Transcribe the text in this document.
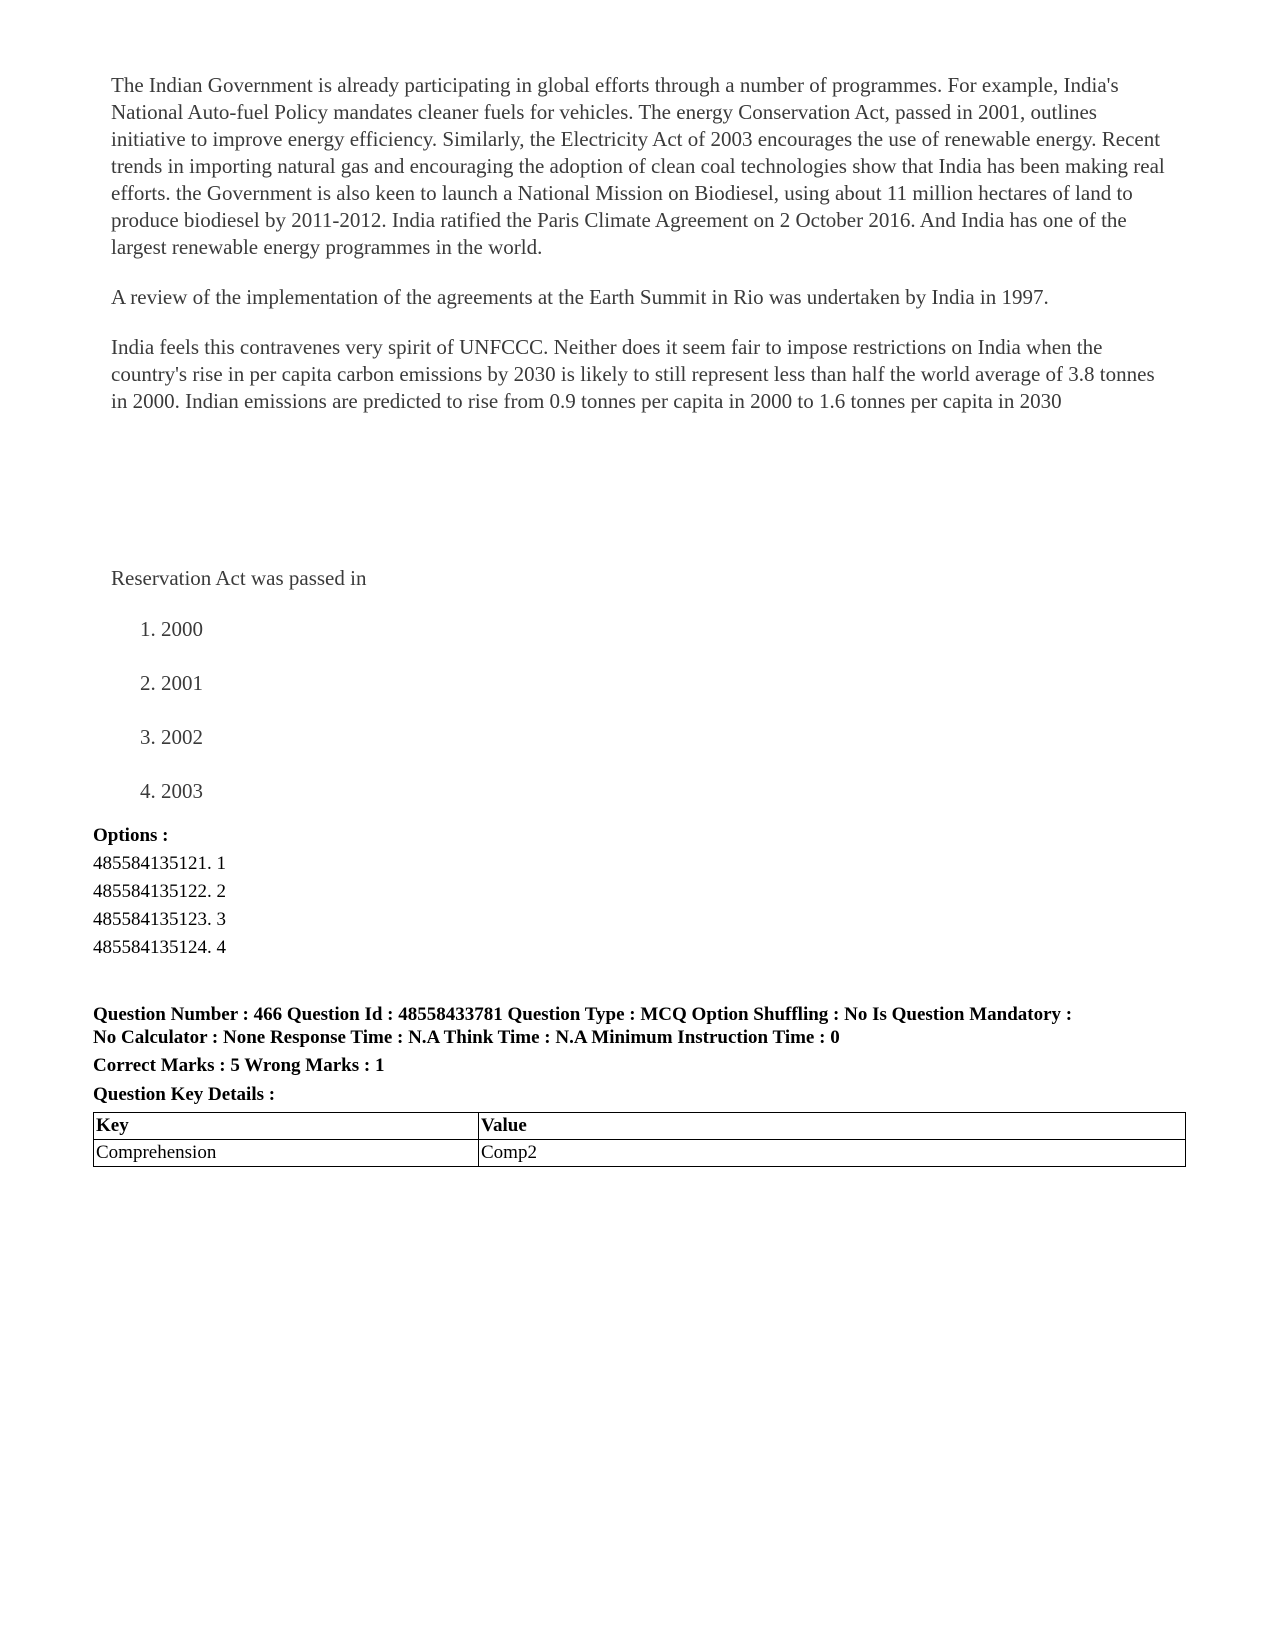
The Indian Government is already participating in global efforts through a number of programmes. For example, India's National Auto-fuel Policy mandates cleaner fuels for vehicles. The energy Conservation Act, passed in 2001, outlines initiative to improve energy efficiency. Similarly, the Electricity Act of 2003 encourages the use of renewable energy. Recent trends in importing natural gas and encouraging the adoption of clean coal technologies show that India has been making real efforts. the Government is also keen to launch a National Mission on Biodiesel, using about 11 million hectares of land to produce biodiesel by 2011-2012. India ratified the Paris Climate Agreement on 2 October 2016. And India has one of the largest renewable energy programmes in the world.

A review of the implementation of the agreements at the Earth Summit in Rio was undertaken by India in 1997.

India feels this contravenes very spirit of UNFCCC. Neither does it seem fair to impose restrictions on India when the country's rise in per capita carbon emissions by 2030 is likely to still represent less than half the world average of 3.8 tonnes in 2000. Indian emissions are predicted to rise from 0.9 tonnes per capita in 2000 to 1.6 tonnes per capita in 2030

Reservation Act was passed in
1. 2000
2. 2001
3. 2002
4. 2003
Options :
485584135121. 1
485584135122. 2
485584135123. 3
485584135124. 4
Question Number : 466 Question Id : 48558433781 Question Type : MCQ Option Shuffling : No Is Question Mandatory :
No Calculator : None Response Time : N.A Think Time : N.A Minimum Instruction Time : 0
Correct Marks : 5 Wrong Marks : 1
Question Key Details :
Key	Value
Comprehension	Comp2
